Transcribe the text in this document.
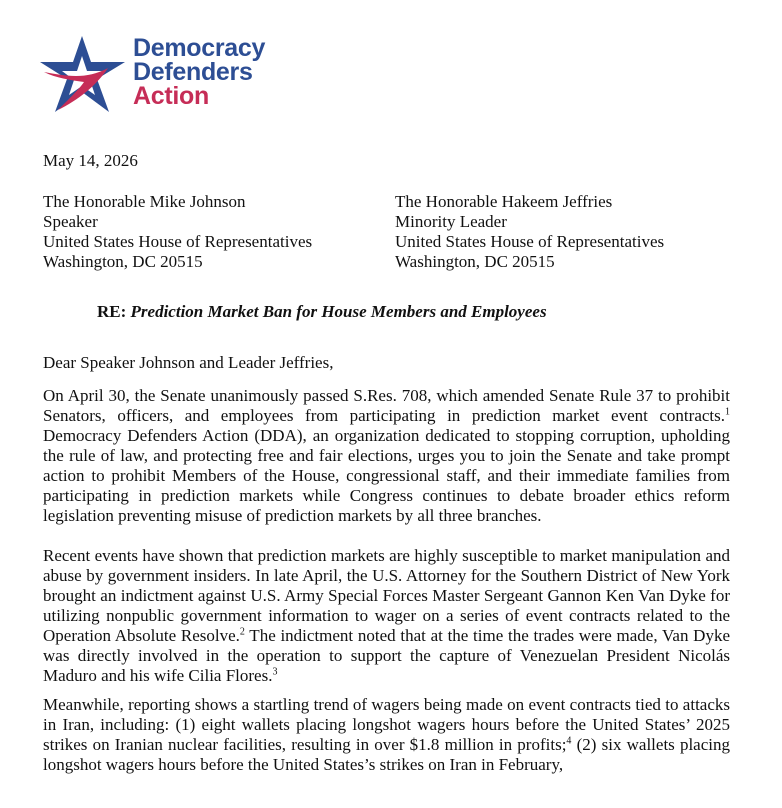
Democracy
Defenders
Action
May 14, 2026
The Honorable Mike Johnson
Speaker
United States House of Representatives
Washington, DC 20515
The Honorable Hakeem Jeffries
Minority Leader
United States House of Representatives
Washington, DC 20515
RE: Prediction Market Ban for House Members and Employees
Dear Speaker Johnson and Leader Jeffries,
On April 30, the Senate unanimously passed S.Res. 708, which amended Senate Rule 37 to prohibit Senators, officers, and employees from participating in prediction market event contracts.$^1$ Democracy Defenders Action (DDA), an organization dedicated to stopping corruption, upholding the rule of law, and protecting free and fair elections, urges you to join the Senate and take prompt action to prohibit Members of the House, congressional staff, and their immediate families from participating in prediction markets while Congress continues to debate broader ethics reform legislation preventing misuse of prediction markets by all three branches.
Recent events have shown that prediction markets are highly susceptible to market manipulation and abuse by government insiders. In late April, the U.S. Attorney for the Southern District of New York brought an indictment against U.S. Army Special Forces Master Sergeant Gannon Ken Van Dyke for utilizing nonpublic government information to wager on a series of event contracts related to the Operation Absolute Resolve.$^2$ The indictment noted that at the time the trades were made, Van Dyke was directly involved in the operation to support the capture of Venezuelan President Nicolás Maduro and his wife Cilia Flores.$^3$
Meanwhile, reporting shows a startling trend of wagers being made on event contracts tied to attacks in Iran, including: (1) eight wallets placing longshot wagers hours before the United States’ 2025 strikes on Iranian nuclear facilities, resulting in over $1.8 million in profits;$^4$ (2) six wallets placing longshot wagers hours before the United States’s strikes on Iran in February,
